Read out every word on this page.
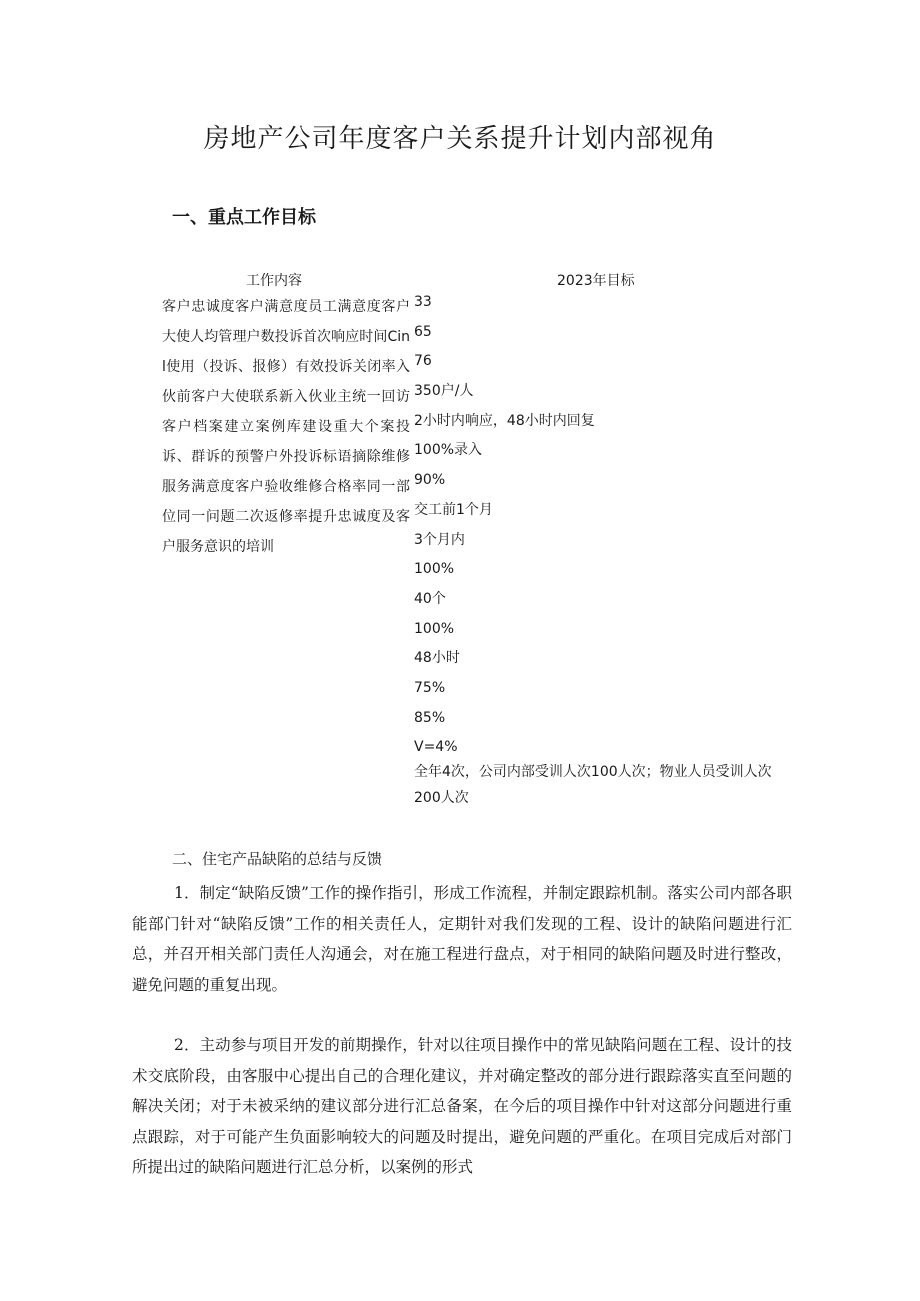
房地产公司年度客户关系提升计划内部视角
一、重点工作目标
工作内容	2023年目标
客户忠诚度客户满意度员工满意度客户大使人均管理户数投诉首次响应时间Cinl使用（投诉、报修）有效投诉关闭率入伙前客户大使联系新入伙业主统一回访客户档案建立案例库建设重大个案投诉、群诉的预警户外投诉标语摘除维修服务满意度客户验收维修合格率同一部位同一问题二次返修率提升忠诚度及客户服务意识的培训
33
65
76
350户/人
2小时内响应，48小时内回复
100%录入
90%
交工前1个月
3个月内
100%
40个
100%
48小时
75%
85%
V=4%
全年4次，公司内部受训人次100人次；物业人员受训人次200人次
二、住宅产品缺陷的总结与反馈
1．制定“缺陷反馈”工作的操作指引，形成工作流程，并制定跟踪机制。落实公司内部各职能部门针对“缺陷反馈”工作的相关责任人，定期针对我们发现的工程、设计的缺陷问题进行汇总，并召开相关部门责任人沟通会，对在施工程进行盘点，对于相同的缺陷问题及时进行整改，避免问题的重复出现。
2．主动参与项目开发的前期操作，针对以往项目操作中的常见缺陷问题在工程、设计的技术交底阶段，由客服中心提出自己的合理化建议，并对确定整改的部分进行跟踪落实直至问题的解决关闭；对于未被采纳的建议部分进行汇总备案，在今后的项目操作中针对这部分问题进行重点跟踪，对于可能产生负面影响较大的问题及时提出，避免问题的严重化。在项目完成后对部门所提出过的缺陷问题进行汇总分析，以案例的形式
